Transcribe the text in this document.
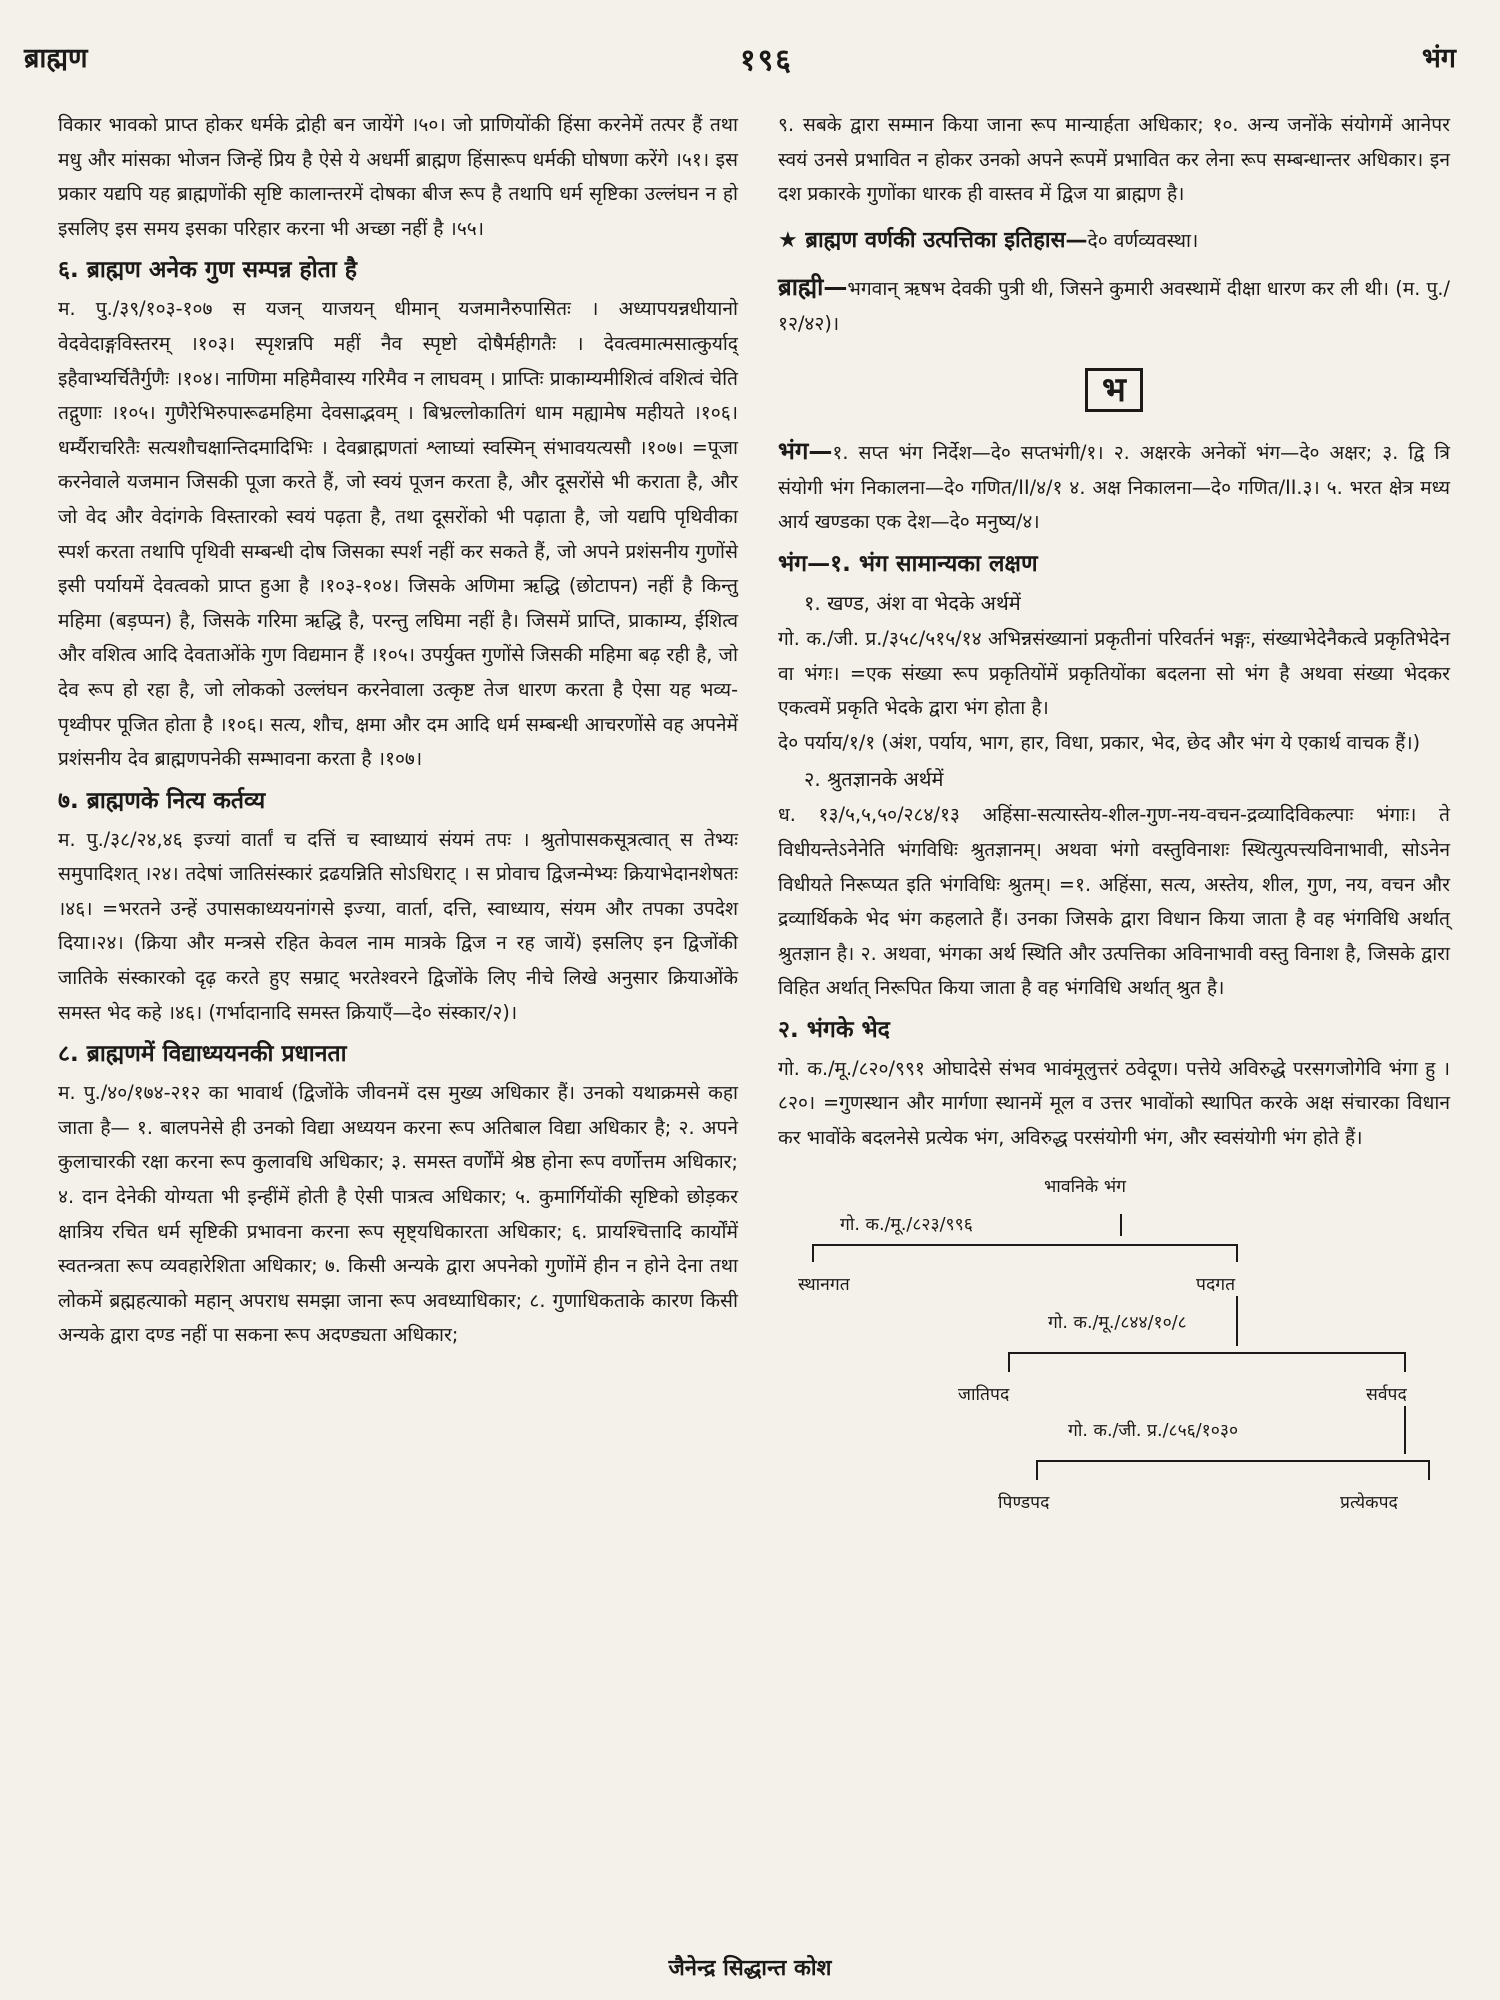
ब्राह्मण	१९६	भंग

विकार भावको प्राप्त होकर धर्मके द्रोही बन जायेंगे ।५०। जो प्राणियोंकी हिंसा करनेमें तत्पर हैं तथा मधु और मांसका भोजन जिन्हें प्रिय है ऐसे ये अधर्मी ब्राह्मण हिंसारूप धर्मकी घोषणा करेंगे ।५१। इस प्रकार यद्यपि यह ब्राह्मणोंकी सृष्टि कालान्तरमें दोषका बीज रूप है तथापि धर्म सृष्टिका उल्लंघन न हो इसलिए इस समय इसका परिहार करना भी अच्छा नहीं है ।५५।

६. ब्राह्मण अनेक गुण सम्पन्न होता है

म. पु./३९/१०३-१०७ स यजन् याजयन् धीमान् यजमानैरुपासितः । अध्यापयन्नधीयानो वेदवेदाङ्गविस्तरम् ।१०३। स्पृशन्नपि महीं नैव स्पृष्टो दोषैर्महीगतैः । देवत्वमात्मसात्कुर्याद् इहैवाभ्यर्चितैर्गुणैः ।१०४। नाणिमा महिमैवास्य गरिमैव न लाघवम् । प्राप्तिः प्राकाम्यमीशित्वं वशित्वं चेति तद्गुणाः ।१०५। गुणैरेभिरुपारूढमहिमा देवसाद्भवम् । बिभ्रल्लोकातिगं धाम मह्यामेष महीयते ।१०६। धर्म्यैराचरितैः सत्यशौचक्षान्तिदमादिभिः । देवब्राह्मणतां श्लाघ्यां स्वस्मिन् संभावयत्यसौ ।१०७। =पूजा करनेवाले यजमान जिसकी पूजा करते हैं, जो स्वयं पूजन करता है, और दूसरोंसे भी कराता है, और जो वेद और वेदांगके विस्तारको स्वयं पढ़ता है, तथा दूसरोंको भी पढ़ाता है, जो यद्यपि पृथिवीका स्पर्श करता तथापि पृथिवी सम्बन्धी दोष जिसका स्पर्श नहीं कर सकते हैं, जो अपने प्रशंसनीय गुणोंसे इसी पर्यायमें देवत्वको प्राप्त हुआ है ।१०३-१०४। जिसके अणिमा ऋद्धि (छोटापन) नहीं है किन्तु महिमा (बड़प्पन) है, जिसके गरिमा ऋद्धि है, परन्तु लघिमा नहीं है। जिसमें प्राप्ति, प्राकाम्य, ईशित्व और वशित्व आदि देवताओंके गुण विद्यमान हैं ।१०५। उपर्युक्त गुणोंसे जिसकी महिमा बढ़ रही है, जो देव रूप हो रहा है, जो लोकको उल्लंघन करनेवाला उत्कृष्ट तेज धारण करता है ऐसा यह भव्य-पृथ्वीपर पूजित होता है ।१०६। सत्य, शौच, क्षमा और दम आदि धर्म सम्बन्धी आचरणोंसे वह अपनेमें प्रशंसनीय देव ब्राह्मणपनेकी सम्भावना करता है ।१०७।

७. ब्राह्मणके नित्य कर्तव्य

म. पु./३८/२४,४६ इज्यां वार्तां च दत्तिं च स्वाध्यायं संयमं तपः । श्रुतोपासकसूत्रत्वात् स तेभ्यः समुपादिशत् ।२४। तदेषां जातिसंस्कारं द्रढयन्निति सोऽधिराट् । स प्रोवाच द्विजन्मेभ्यः क्रियाभेदानशेषतः ।४६। =भरतने उन्हें उपासकाध्ययनांगसे इज्या, वार्ता, दत्ति, स्वाध्याय, संयम और तपका उपदेश दिया।२४। (क्रिया और मन्त्रसे रहित केवल नाम मात्रके द्विज न रह जायें) इसलिए इन द्विजोंकी जातिके संस्कारको दृढ़ करते हुए सम्राट् भरतेश्वरने द्विजोंके लिए नीचे लिखे अनुसार क्रियाओंके समस्त भेद कहे ।४६। (गर्भादानादि समस्त क्रियाएँ—दे० संस्कार/२)।

८. ब्राह्मणमें विद्याध्ययनकी प्रधानता

म. पु./४०/१७४-२१२ का भावार्थ (द्विजोंके जीवनमें दस मुख्य अधिकार हैं। उनको यथाक्रमसे कहा जाता है— १. बालपनेसे ही उनको विद्या अध्ययन करना रूप अतिबाल विद्या अधिकार है; २. अपने कुलाचारकी रक्षा करना रूप कुलावधि अधिकार; ३. समस्त वर्णोंमें श्रेष्ठ होना रूप वर्णोत्तम अधिकार; ४. दान देनेकी योग्यता भी इन्हींमें होती है ऐसी पात्रत्व अधिकार; ५. कुमार्गियोंकी सृष्टिको छोड़कर क्षात्रिय रचित धर्म सृष्टिकी प्रभावना करना रूप सृष्ट्यधिकारता अधिकार; ६. प्रायश्चित्तादि कार्योंमें स्वतन्त्रता रूप व्यवहारेशिता अधिकार; ७. किसी अन्यके द्वारा अपनेको गुणोंमें हीन न होने देना तथा लोकमें ब्रह्महत्याको महान् अपराध समझा जाना रूप अवध्याधिकार; ८. गुणाधिकताके कारण किसी अन्यके द्वारा दण्ड नहीं पा सकना रूप अदण्ड्यता अधिकार;

९. सबके द्वारा सम्मान किया जाना रूप मान्यार्हता अधिकार; १०. अन्य जनोंके संयोगमें आनेपर स्वयं उनसे प्रभावित न होकर उनको अपने रूपमें प्रभावित कर लेना रूप सम्बन्धान्तर अधिकार। इन दश प्रकारके गुणोंका धारक ही वास्तव में द्विज या ब्राह्मण है।

★ ब्राह्मण वर्णकी उत्पत्तिका इतिहास—दे० वर्णव्यवस्था।

ब्राह्मी—भगवान् ऋषभ देवकी पुत्री थी, जिसने कुमारी अवस्थामें दीक्षा धारण कर ली थी। (म. पु./१२/४२)।

भ

भंग—१. सप्त भंग निर्देश—दे० सप्तभंगी/१। २. अक्षरके अनेकों भंग—दे० अक्षर; ३. द्वि त्रि संयोगी भंग निकालना—दे० गणित/II/४/१ ४. अक्ष निकालना—दे० गणित/II.३। ५. भरत क्षेत्र मध्य आर्य खण्डका एक देश—दे० मनुष्य/४।

भंग—१. भंग सामान्यका लक्षण
१. खण्ड, अंश वा भेदके अर्थमें

गो. क./जी. प्र./३५८/५१५/१४ अभिन्नसंख्यानां प्रकृतीनां परिवर्तनं भङ्गः, संख्याभेदेनैकत्वे प्रकृतिभेदेन वा भंगः। =एक संख्या रूप प्रकृतियोंमें प्रकृतियोंका बदलना सो भंग है अथवा संख्या भेदकर एकत्वमें प्रकृति भेदके द्वारा भंग होता है।

दे० पर्याय/१/१ (अंश, पर्याय, भाग, हार, विधा, प्रकार, भेद, छेद और भंग ये एकार्थ वाचक हैं।)

२. श्रुतज्ञानके अर्थमें

ध. १३/५,५,५०/२८४/१३ अहिंसा-सत्यास्तेय-शील-गुण-नय-वचन-द्रव्यादिविकल्पाः भंगाः। ते विधीयन्तेऽनेनेति भंगविधिः श्रुतज्ञानम्। अथवा भंगो वस्तुविनाशः स्थित्युत्पत्त्यविनाभावी, सोऽनेन विधीयते निरूप्यत इति भंगविधिः श्रुतम्। =१. अहिंसा, सत्य, अस्तेय, शील, गुण, नय, वचन और द्रव्यार्थिकके भेद भंग कहलाते हैं। उनका जिसके द्वारा विधान किया जाता है वह भंगविधि अर्थात् श्रुतज्ञान है। २. अथवा, भंगका अर्थ स्थिति और उत्पत्तिका अविनाभावी वस्तु विनाश है, जिसके द्वारा विहित अर्थात् निरूपित किया जाता है वह भंगविधि अर्थात् श्रुत है।

२. भंगके भेद

गो. क./मू./८२०/९९१ ओघादेसे संभव भावंमूलुत्तरं ठवेदूण। पत्तेये अविरुद्धे परसगजोगेवि भंगा हु ।८२०। =गुणस्थान और मार्गणा स्थानमें मूल व उत्तर भावोंको स्थापित करके अक्ष संचारका विधान कर भावोंके बदलनेसे प्रत्येक भंग, अविरुद्ध परसंयोगी भंग, और स्वसंयोगी भंग होते हैं।

भावनिके भंग
गो. क./मू./८२३/९९६
स्थानगत	पदगत
गो. क./मू./८४४/१०/८
जातिपद	सर्वपद
गो. क./जी. प्र./८५६/१०३०
पिण्डपद	प्रत्येकपद
जैनेन्द्र सिद्धान्त कोश
